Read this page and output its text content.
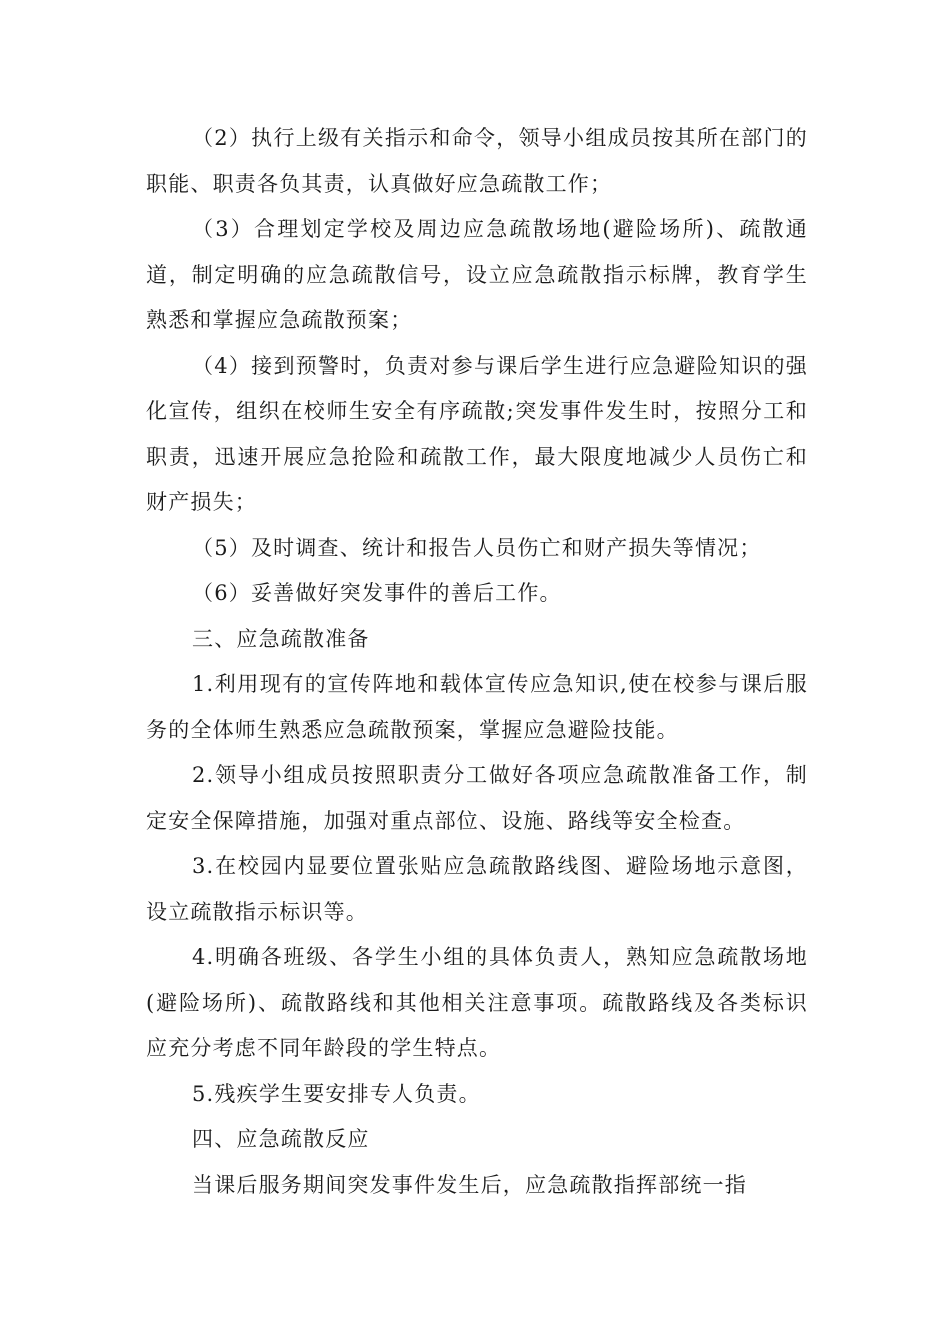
（2）执行上级有关指示和命令，领导小组成员按其所在部门的职能、职责各负其责，认真做好应急疏散工作；

（3）合理划定学校及周边应急疏散场地(避险场所)、疏散通道，制定明确的应急疏散信号，设立应急疏散指示标牌，教育学生熟悉和掌握应急疏散预案；

（4）接到预警时，负责对参与课后学生进行应急避险知识的强化宣传，组织在校师生安全有序疏散;突发事件发生时，按照分工和职责，迅速开展应急抢险和疏散工作，最大限度地减少人员伤亡和财产损失；

（5）及时调查、统计和报告人员伤亡和财产损失等情况；

（6）妥善做好突发事件的善后工作。

三、应急疏散准备

1.利用现有的宣传阵地和载体宣传应急知识,使在校参与课后服务的全体师生熟悉应急疏散预案，掌握应急避险技能。

2.领导小组成员按照职责分工做好各项应急疏散准备工作，制定安全保障措施，加强对重点部位、设施、路线等安全检查。

3.在校园内显要位置张贴应急疏散路线图、避险场地示意图，设立疏散指示标识等。

4.明确各班级、各学生小组的具体负责人，熟知应急疏散场地(避险场所)、疏散路线和其他相关注意事项。疏散路线及各类标识应充分考虑不同年龄段的学生特点。

5.残疾学生要安排专人负责。

四、应急疏散反应

当课后服务期间突发事件发生后，应急疏散指挥部统一指
